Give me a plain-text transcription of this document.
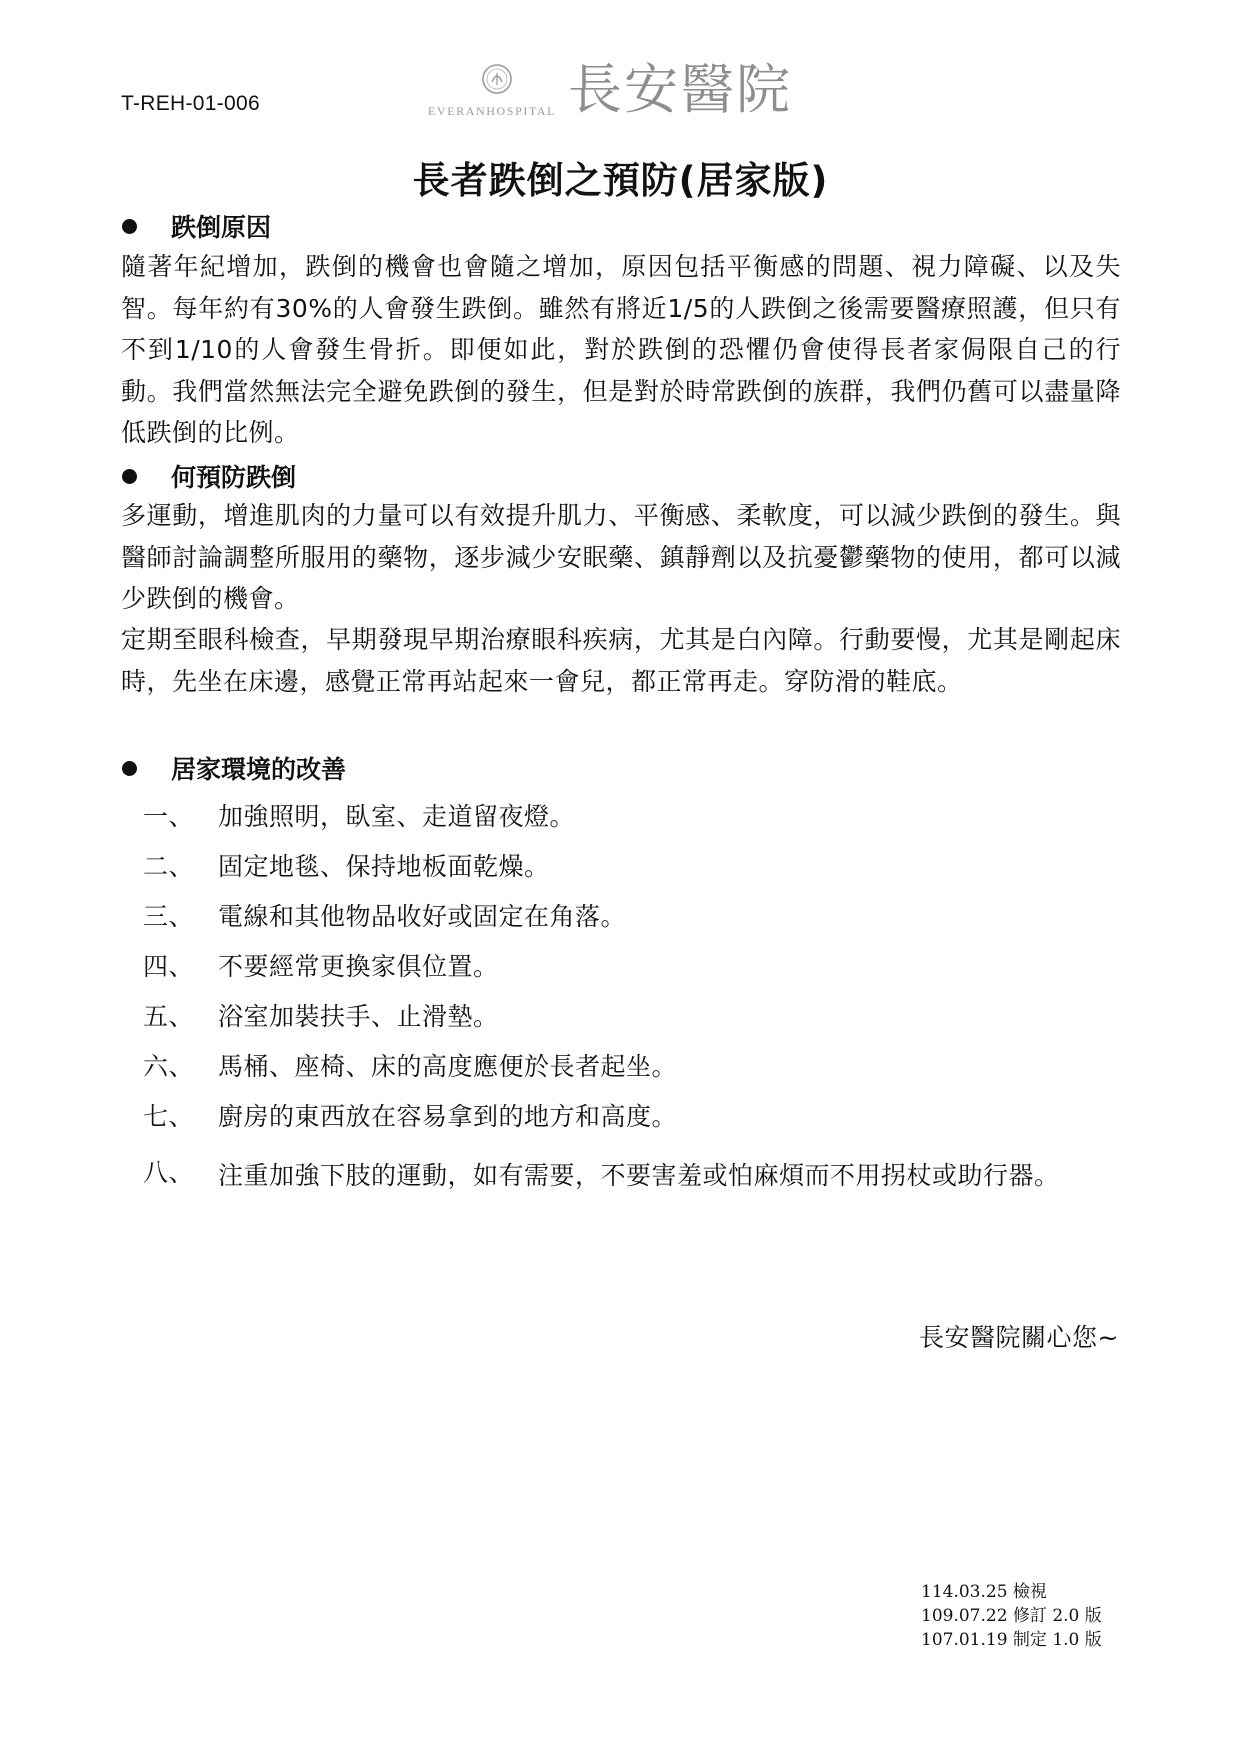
T-REH-01-006	EVERANHOSPITAL 長安醫院
長者跌倒之預防(居家版)
跌倒原因
隨著年紀增加，跌倒的機會也會隨之增加，原因包括平衡感的問題、視力障礙、以及失智。每年約有30%的人會發生跌倒。雖然有將近1/5的人跌倒之後需要醫療照護，但只有不到1/10的人會發生骨折。即便如此，對於跌倒的恐懼仍會使得長者家侷限自己的行動。我們當然無法完全避免跌倒的發生，但是對於時常跌倒的族群，我們仍舊可以盡量降低跌倒的比例。
何預防跌倒
多運動，增進肌肉的力量可以有效提升肌力、平衡感、柔軟度，可以減少跌倒的發生。與醫師討論調整所服用的藥物，逐步減少安眠藥、鎮靜劑以及抗憂鬱藥物的使用，都可以減少跌倒的機會。
定期至眼科檢查，早期發現早期治療眼科疾病，尤其是白內障。行動要慢，尤其是剛起床時，先坐在床邊，感覺正常再站起來一會兒，都正常再走。穿防滑的鞋底。
居家環境的改善
一、 加強照明，臥室、走道留夜燈。
二、 固定地毯、保持地板面乾燥。
三、 電線和其他物品收好或固定在角落。
四、 不要經常更換家俱位置。
五、 浴室加裝扶手、止滑墊。
六、 馬桶、座椅、床的高度應便於長者起坐。
七、 廚房的東西放在容易拿到的地方和高度。
八、 注重加強下肢的運動，如有需要，不要害羞或怕麻煩而不用拐杖或助行器。
長安醫院關心您~
114.03.25 檢視
109.07.22 修訂 2.0 版
107.01.19 制定 1.0 版
